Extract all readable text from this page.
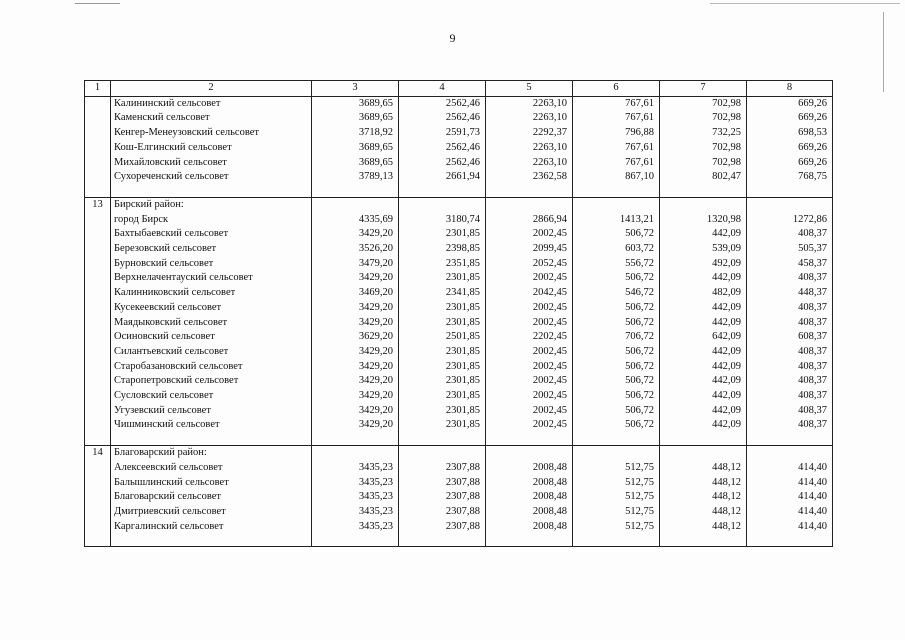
9
1	2	3	4	5	6	7	8
	Калининский сельсовет	3689,65	2562,46	2263,10	767,61	702,98	669,26
	Каменский сельсовет	3689,65	2562,46	2263,10	767,61	702,98	669,26
	Кенгер-Менеузовский сельсовет	3718,92	2591,73	2292,37	796,88	732,25	698,53
	Кош-Елгинский сельсовет	3689,65	2562,46	2263,10	767,61	702,98	669,26
	Михайловский сельсовет	3689,65	2562,46	2263,10	767,61	702,98	669,26
	Сухореченский сельсовет	3789,13	2661,94	2362,58	867,10	802,47	768,75

13	Бирский район:						
	город Бирск	4335,69	3180,74	2866,94	1413,21	1320,98	1272,86
	Бахтыбаевский сельсовет	3429,20	2301,85	2002,45	506,72	442,09	408,37
	Березовский сельсовет	3526,20	2398,85	2099,45	603,72	539,09	505,37
	Бурновский сельсовет	3479,20	2351,85	2052,45	556,72	492,09	458,37
	Верхнелачентауский сельсовет	3429,20	2301,85	2002,45	506,72	442,09	408,37
	Калинниковский сельсовет	3469,20	2341,85	2042,45	546,72	482,09	448,37
	Кусекеевский сельсовет	3429,20	2301,85	2002,45	506,72	442,09	408,37
	Маядыковский сельсовет	3429,20	2301,85	2002,45	506,72	442,09	408,37
	Осиновский сельсовет	3629,20	2501,85	2202,45	706,72	642,09	608,37
	Силантьевский сельсовет	3429,20	2301,85	2002,45	506,72	442,09	408,37
	Старобазановский сельсовет	3429,20	2301,85	2002,45	506,72	442,09	408,37
	Старопетровский сельсовет	3429,20	2301,85	2002,45	506,72	442,09	408,37
	Сусловский сельсовет	3429,20	2301,85	2002,45	506,72	442,09	408,37
	Угузевский сельсовет	3429,20	2301,85	2002,45	506,72	442,09	408,37
	Чишминский сельсовет	3429,20	2301,85	2002,45	506,72	442,09	408,37

14	Благоварский район:						
	Алексеевский сельсовет	3435,23	2307,88	2008,48	512,75	448,12	414,40
	Балышлинский сельсовет	3435,23	2307,88	2008,48	512,75	448,12	414,40
	Благоварский сельсовет	3435,23	2307,88	2008,48	512,75	448,12	414,40
	Дмитриевский сельсовет	3435,23	2307,88	2008,48	512,75	448,12	414,40
	Каргалинский сельсовет	3435,23	2307,88	2008,48	512,75	448,12	414,40
